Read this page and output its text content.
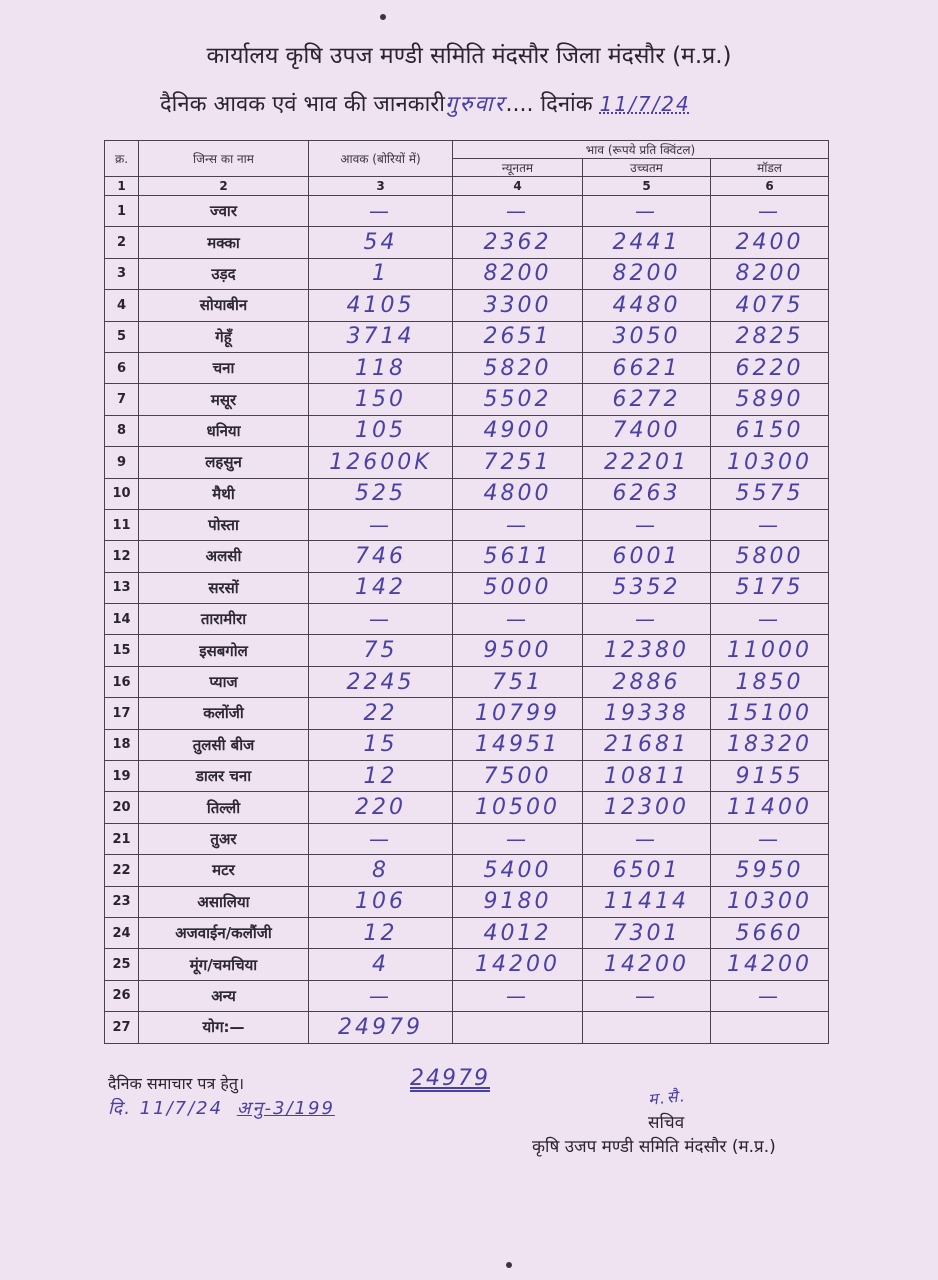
कार्यालय कृषि उपज मण्डी समिति मंदसौर जिला मंदसौर (म.प्र.)
दैनिक आवक एवं भाव की जानकारीगुरुवार.... दिनांक 11/7/24
क्र.	जिन्स का नाम	आवक (बोरियों में)	भाव (रूपये प्रति क्विंटल)		
			न्यूनतम	उच्चतम	मॉडल
1	2	3	4	5	6
1	ज्वार	—	—	—	—
2	मक्का	54	2362	2441	2400
3	उड़द	1	8200	8200	8200
4	सोयाबीन	4105	3300	4480	4075
5	गेहूँ	3714	2651	3050	2825
6	चना	118	5820	6621	6220
7	मसूर	150	5502	6272	5890
8	धनिया	105	4900	7400	6150
9	लहसुन	12600K	7251	22201	10300
10	मैथी	525	4800	6263	5575
11	पोस्ता	—	—	—	—
12	अलसी	746	5611	6001	5800
13	सरसों	142	5000	5352	5175
14	तारामीरा	—	—	—	—
15	इसबगोल	75	9500	12380	11000
16	प्याज	2245	751	2886	1850
17	कलोंजी	22	10799	19338	15100
18	तुलसी बीज	15	14951	21681	18320
19	डालर चना	12	7500	10811	9155
20	तिल्ली	220	10500	12300	11400
21	तुअर	—	—	—	—
22	मटर	8	5400	6501	5950
23	असालिया	106	9180	11414	10300
24	अजवाईन/कलौंजी	12	4012	7301	5660
25	मूंग/चमचिया	4	14200	14200	14200
26	अन्य	—	—	—	—
27	योग:—	24979			
दैनिक समाचार पत्र हेतु।
दि. 11/7/24 अनु-3/199
24979
म.सै.
सचिव
कृषि उजप मण्डी समिति मंदसौर (म.प्र.)
